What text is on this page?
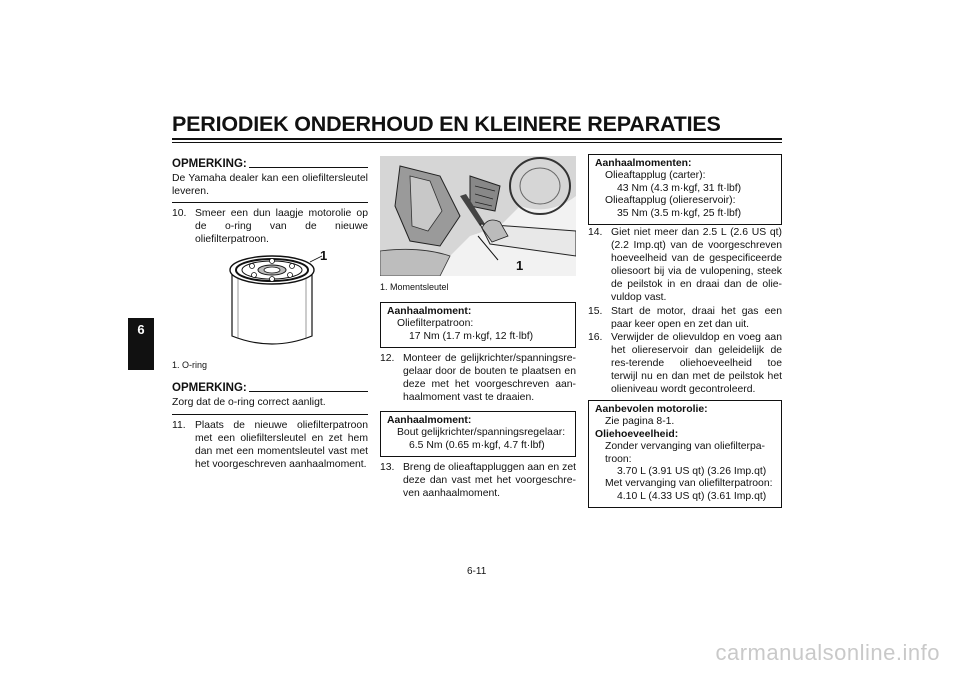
PERIODIEK ONDERHOUD EN KLEINERE REPARATIES
6
OPMERKING:
De Yamaha dealer kan een oliefiltersleutel leveren.
10. Smeer een dun laagje motorolie op de o-ring van de nieuwe oliefilterpatroon.
1
1. O-ring
OPMERKING:
Zorg dat de o-ring correct aanligt.
11. Plaats de nieuwe oliefilterpatroon met een oliefiltersleutel en zet hem dan met een momentsleutel vast met het voorgeschreven aanhaalmoment.
1
1. Momentsleutel
Aanhaalmoment:
Oliefilterpatroon:
17 Nm (1.7 m·kgf, 12 ft·lbf)
12. Monteer de gelijkrichter/spanningsre-gelaar door de bouten te plaatsen en deze met het voorgeschreven aan-haalmoment vast te draaien.
Aanhaalmoment:
Bout gelijkrichter/spanningsregelaar:
6.5 Nm (0.65 m·kgf, 4.7 ft·lbf)
13. Breng de olieaftappluggen aan en zet deze dan vast met het voorgeschre-ven aanhaalmoment.
Aanhaalmomenten:
Olieaftapplug (carter):
43 Nm (4.3 m·kgf, 31 ft·lbf)
Olieaftapplug (oliereservoir):
35 Nm (3.5 m·kgf, 25 ft·lbf)
14. Giet niet meer dan 2.5 L (2.6 US qt) (2.2 Imp.qt) van de voorgeschreven hoeveelheid van de gespecificeerde oliesoort bij via de vulopening, steek de peilstok in en draai dan de olie-vuldop vast.
15. Start de motor, draai het gas een paar keer open en zet dan uit.
16. Verwijder de olievuldop en voeg aan het oliereservoir dan geleidelijk de res-terende oliehoeveelheid toe terwijl nu en dan met de peilstok het olieniveau wordt gecontroleerd.
Aanbevolen motorolie:
Zie pagina 8-1.
Oliehoeveelheid:
Zonder vervanging van oliefilterpa-
troon:
3.70 L (3.91 US qt) (3.26 Imp.qt)
Met vervanging van oliefilterpatroon:
4.10 L (4.33 US qt) (3.61 Imp.qt)
6-11
carmanualsonline.info
